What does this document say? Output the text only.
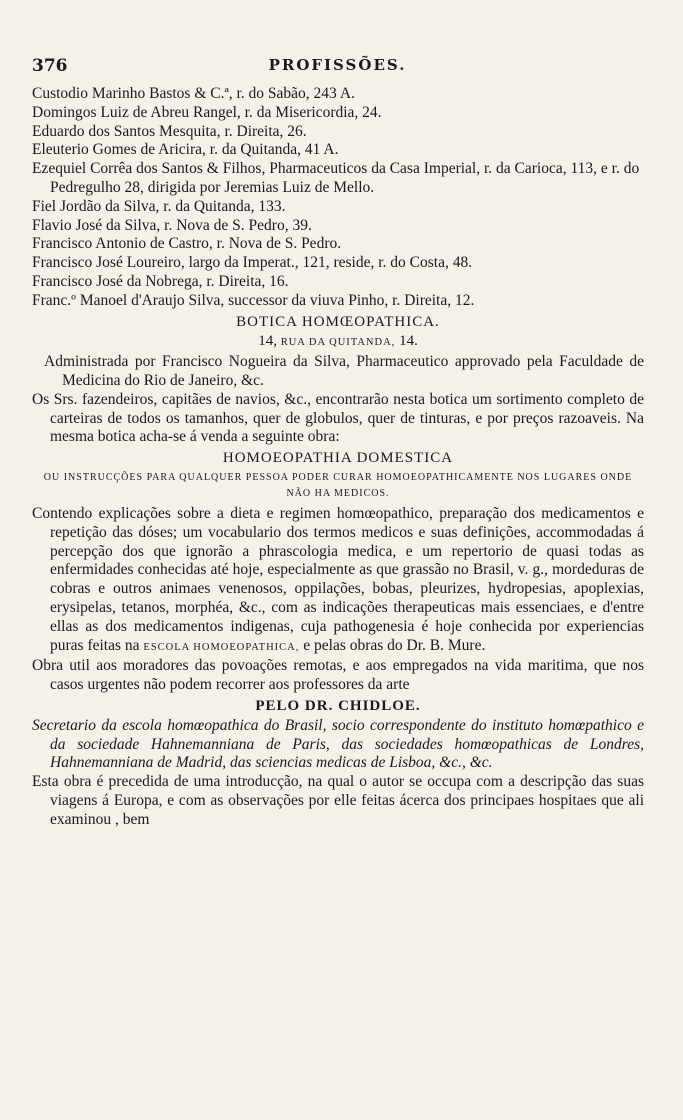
376	PROFISSÕES.

Custodio Marinho Bastos & C.ª, r. do Sabão, 243 A.

Domingos Luiz de Abreu Rangel, r. da Misericordia, 24.

Eduardo dos Santos Mesquita, r. Direita, 26.

Eleuterio Gomes de Aricira, r. da Quitanda, 41 A.

Ezequiel Corrêa dos Santos & Filhos, Pharmaceuticos da Casa Imperial, r. da Carioca, 113, e r. do Pedregulho 28, dirigida por Jeremias Luiz de Mello.

Fiel Jordão da Silva, r. da Quitanda, 133.

Flavio José da Silva, r. Nova de S. Pedro, 39.

Francisco Antonio de Castro, r. Nova de S. Pedro.

Francisco José Loureiro, largo da Imperat., 121, reside, r. do Costa, 48.

Francisco José da Nobrega, r. Direita, 16.

Franc.º Manoel d'Araujo Silva, successor da viuva Pinho, r. Direita, 12.

BOTICA HOMŒOPATHICA.

14, RUA DA QUITANDA, 14.

Administrada por Francisco Nogueira da Silva, Pharmaceutico approvado pela Faculdade de Medicina do Rio de Janeiro, &c.

Os Srs. fazendeiros, capitães de navios, &c., encontrarão nesta botica um sortimento completo de carteiras de todos os tamanhos, quer de globulos, quer de tinturas, e por preços razoaveis. Na mesma botica acha-se á venda a seguinte obra:

HOMOEOPATHIA DOMESTICA
OU INSTRUCÇÕES PARA QUALQUER PESSOA PODER CURAR HOMOEOPATHICAMENTE NOS LUGARES ONDE NÃO HA MEDICOS.

Contendo explicações sobre a dieta e regimen homœopathico, preparação dos medicamentos e repetição das dóses; um vocabulario dos termos medicos e suas definições, accommodadas á percepção dos que ignorão a phrascologia medica, e um repertorio de quasi todas as enfermidades conhecidas até hoje, especialmente as que grassão no Brasil, v. g., mordeduras de cobras e outros animaes venenosos, oppilações, bobas, pleurizes, hydropesias, apoplexias, erysipelas, tetanos, morphéa, &c., com as indicações therapeuticas mais essenciaes, e d'entre ellas as dos medicamentos indigenas, cuja pathogenesia é hoje conhecida por experiencias puras feitas na ESCOLA HOMOEOPATHICA, e pelas obras do Dr. B. Mure.

Obra util aos moradores das povoações remotas, e aos empregados na vida maritima, que nos casos urgentes não podem recorrer aos professores da arte

PELO DR. CHIDLOE.

Secretario da escola homœopathica do Brasil, socio correspondente do instituto homœpathico e da sociedade Hahnemanniana de Paris, das sociedades homœopathicas de Londres, Hahnemanniana de Madrid, das sciencias medicas de Lisboa, &c., &c.

Esta obra é precedida de uma introducção, na qual o autor se occupa com a descripção das suas viagens á Europa, e com as observações por elle feitas ácerca dos principaes hospitaes que ali examinou , bem
